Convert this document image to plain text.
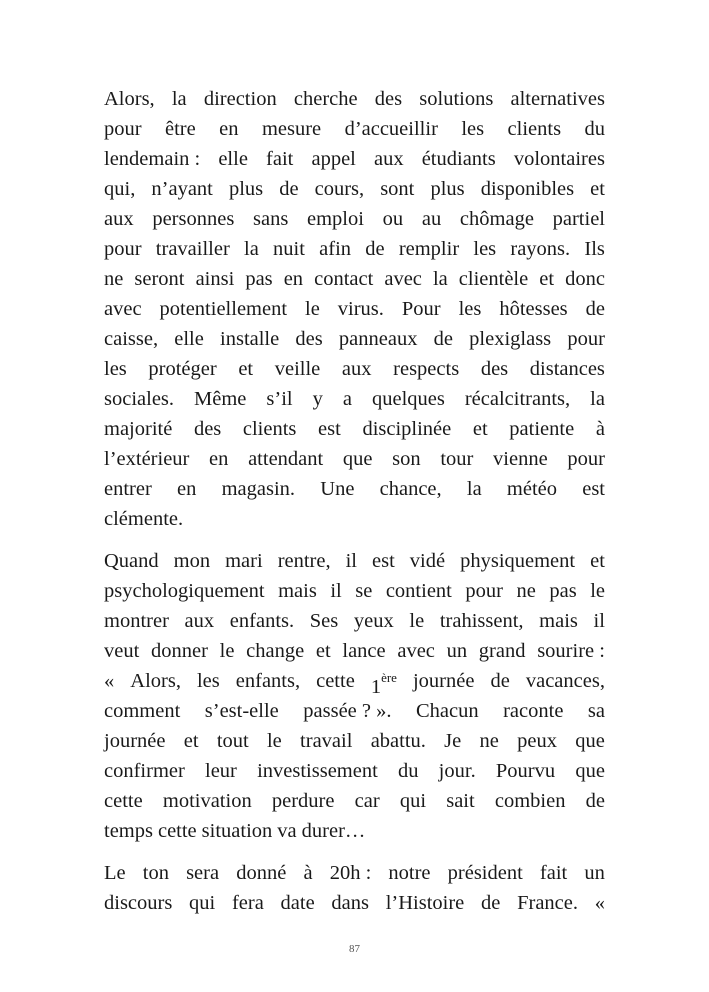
Alors, la direction cherche des solutions alternatives
pour être en mesure d’accueillir les clients du
lendemain : elle fait appel aux étudiants volontaires
qui, n’ayant plus de cours, sont plus disponibles et
aux personnes sans emploi ou au chômage partiel
pour travailler la nuit afin de remplir les rayons. Ils
ne seront ainsi pas en contact avec la clientèle et donc
avec potentiellement le virus. Pour les hôtesses de
caisse, elle installe des panneaux de plexiglass pour
les protéger et veille aux respects des distances
sociales. Même s’il y a quelques récalcitrants, la
majorité des clients est disciplinée et patiente à
l’extérieur en attendant que son tour vienne pour
entrer en magasin. Une chance, la météo est
clémente.
Quand mon mari rentre, il est vidé physiquement et
psychologiquement mais il se contient pour ne pas le
montrer aux enfants. Ses yeux le trahissent, mais il
veut donner le change et lance avec un grand sourire :
« Alors, les enfants, cette 1ère journée de vacances,
comment s’est-elle passée ? ». Chacun raconte sa
journée et tout le travail abattu. Je ne peux que
confirmer leur investissement du jour. Pourvu que
cette motivation perdure car qui sait combien de
temps cette situation va durer…
Le ton sera donné à 20h : notre président fait un
discours qui fera date dans l’Histoire de France. «
87
